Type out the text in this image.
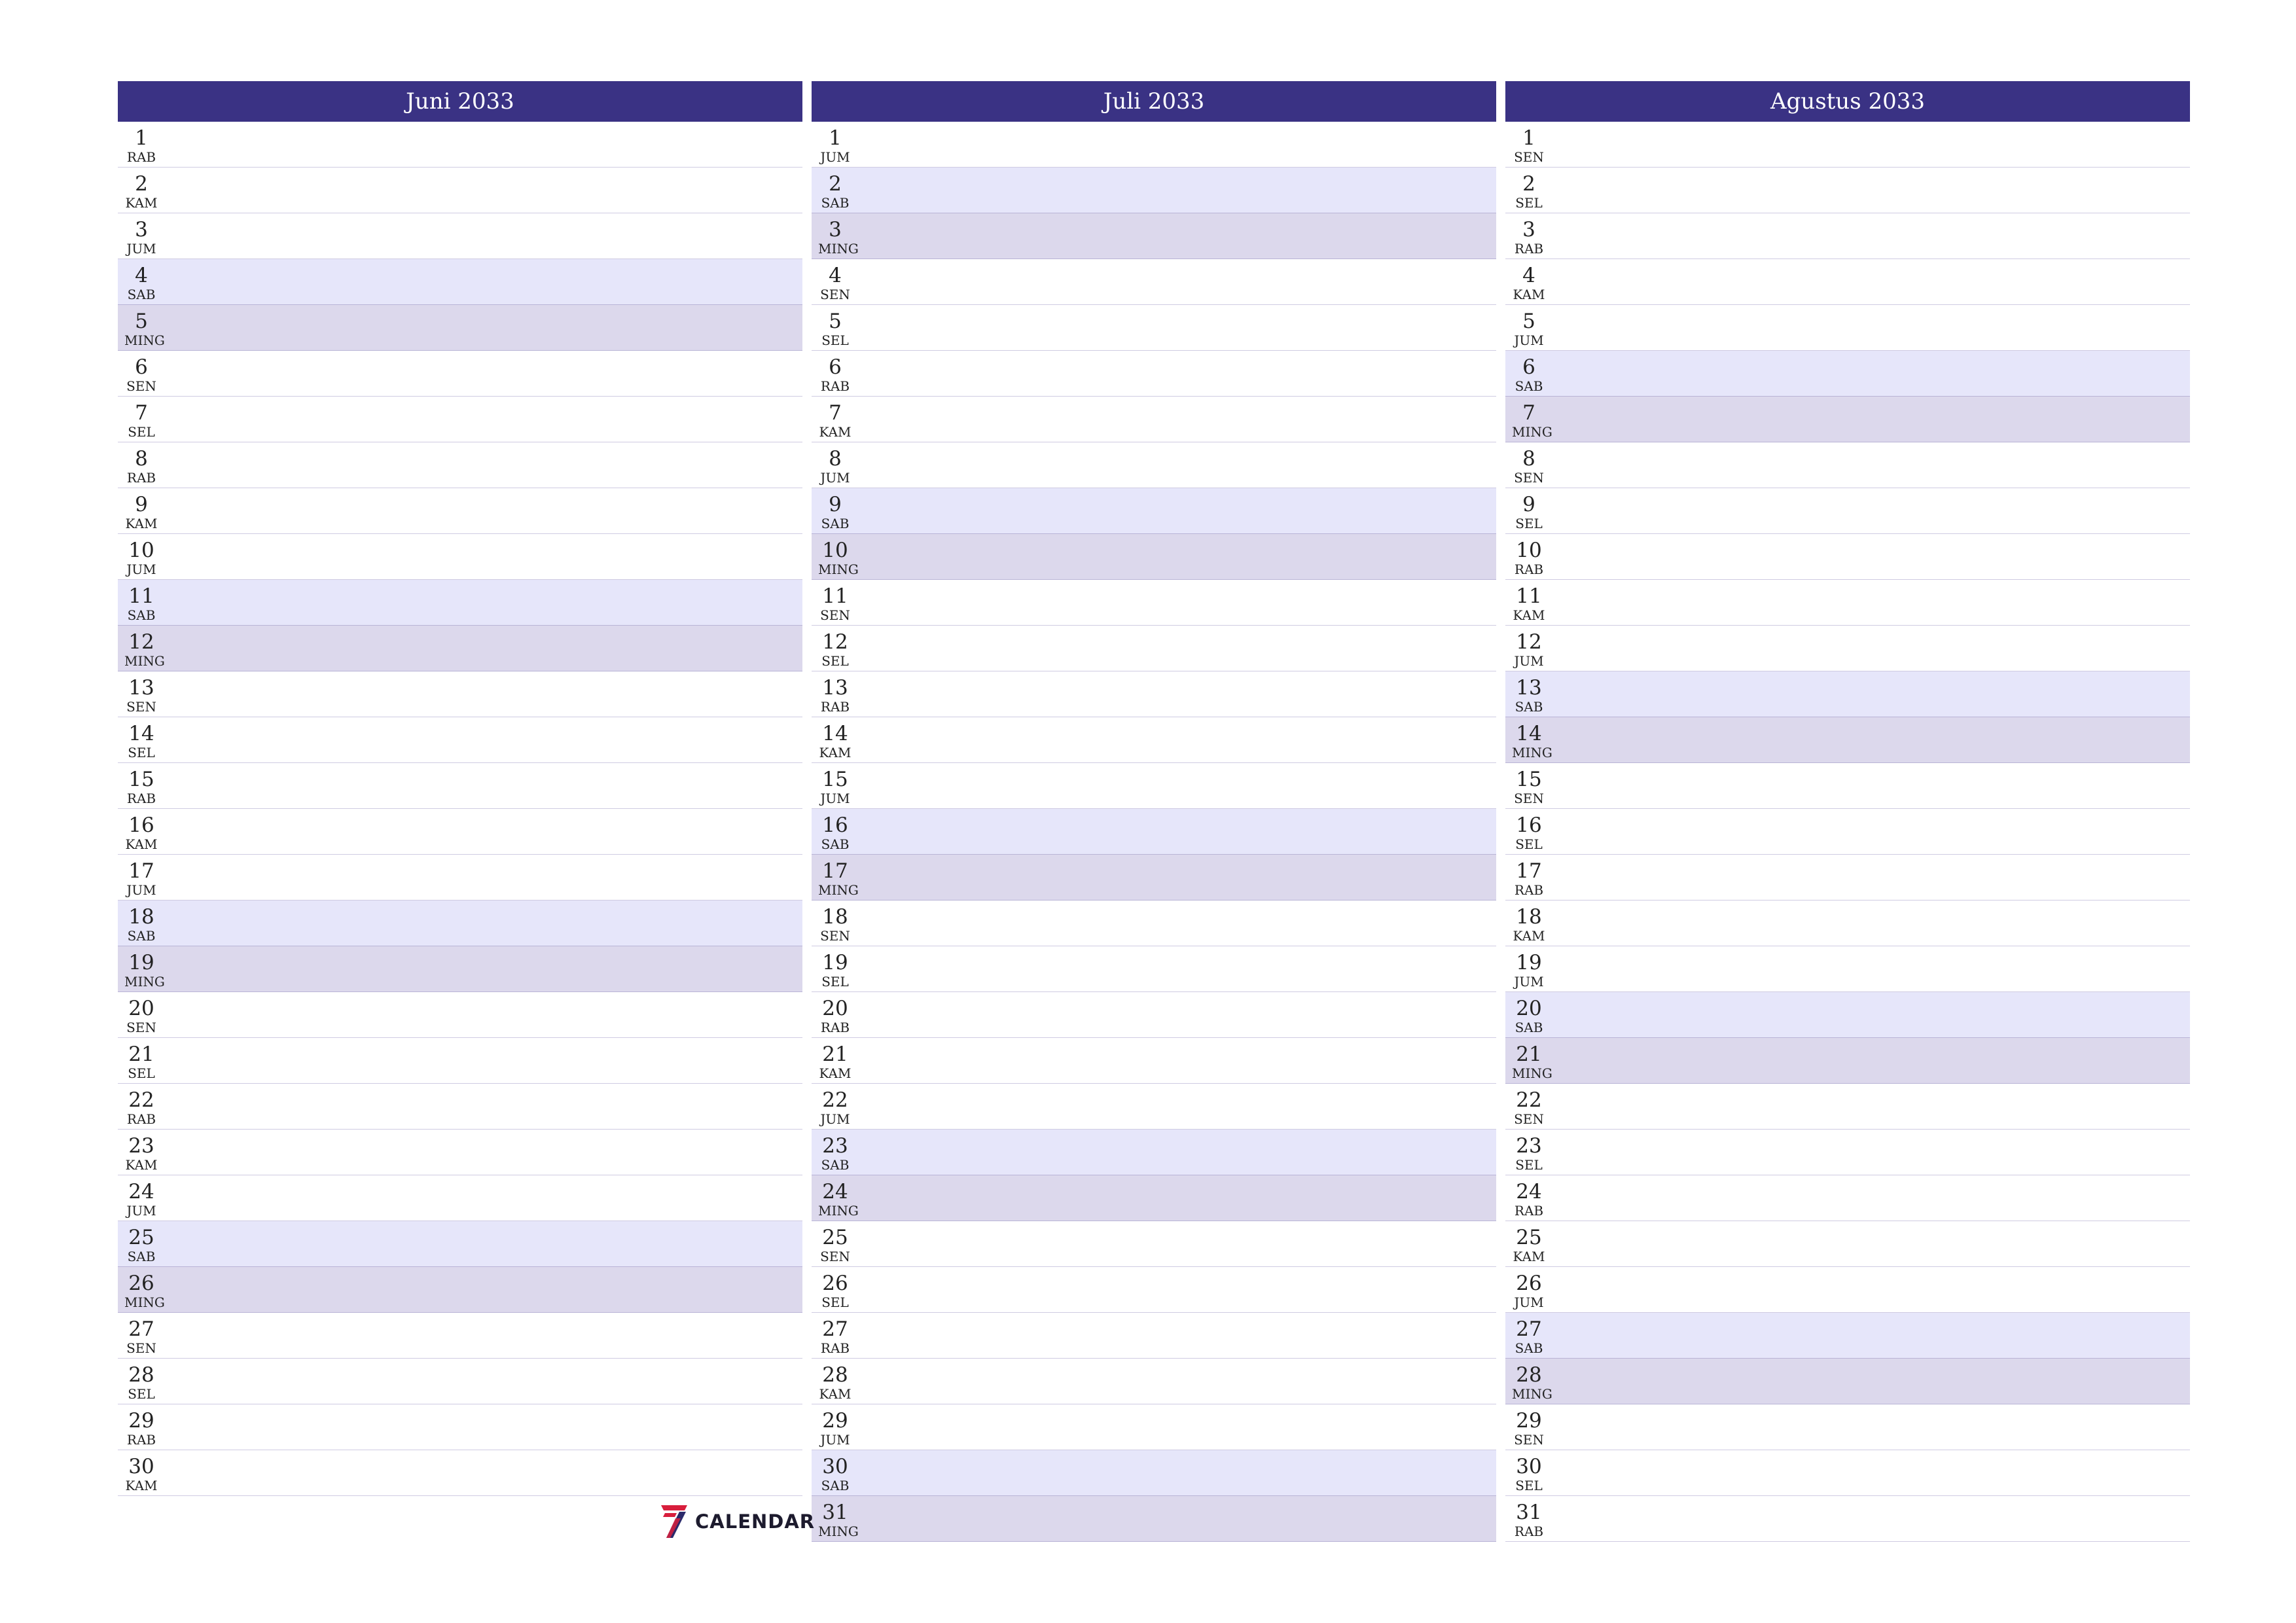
Juni 2033
1
RAB
2
KAM
3
JUM
4
SAB
5
MING
6
SEN
7
SEL
8
RAB
9
KAM
10
JUM
11
SAB
12
MING
13
SEN
14
SEL
15
RAB
16
KAM
17
JUM
18
SAB
19
MING
20
SEN
21
SEL
22
RAB
23
KAM
24
JUM
25
SAB
26
MING
27
SEN
28
SEL
29
RAB
30
KAM
Juli 2033
1
JUM
2
SAB
3
MING
4
SEN
5
SEL
6
RAB
7
KAM
8
JUM
9
SAB
10
MING
11
SEN
12
SEL
13
RAB
14
KAM
15
JUM
16
SAB
17
MING
18
SEN
19
SEL
20
RAB
21
KAM
22
JUM
23
SAB
24
MING
25
SEN
26
SEL
27
RAB
28
KAM
29
JUM
30
SAB
31
MING
Agustus 2033
1
SEN
2
SEL
3
RAB
4
KAM
5
JUM
6
SAB
7
MING
8
SEN
9
SEL
10
RAB
11
KAM
12
JUM
13
SAB
14
MING
15
SEN
16
SEL
17
RAB
18
KAM
19
JUM
20
SAB
21
MING
22
SEN
23
SEL
24
RAB
25
KAM
26
JUM
27
SAB
28
MING
29
SEN
30
SEL
31
RAB
CALENDAR
